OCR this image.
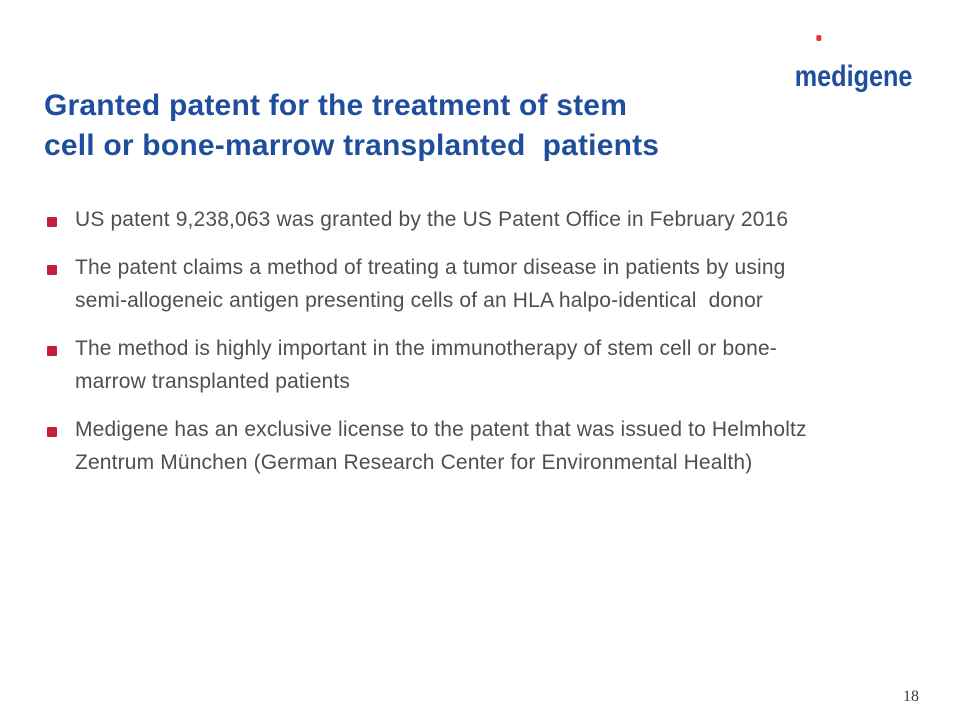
medigene

Granted patent for the treatment of stem
cell or bone-marrow transplanted  patients
US patent 9,238,063 was granted by the US Patent Office in February 2016
The patent claims a method of treating a tumor disease in patients by using
semi-allogeneic antigen presenting cells of an HLA halpo-identical  donor
The method is highly important in the immunotherapy of stem cell or bone-
marrow transplanted patients
Medigene has an exclusive license to the patent that was issued to Helmholtz
Zentrum München (German Research Center for Environmental Health)
18
